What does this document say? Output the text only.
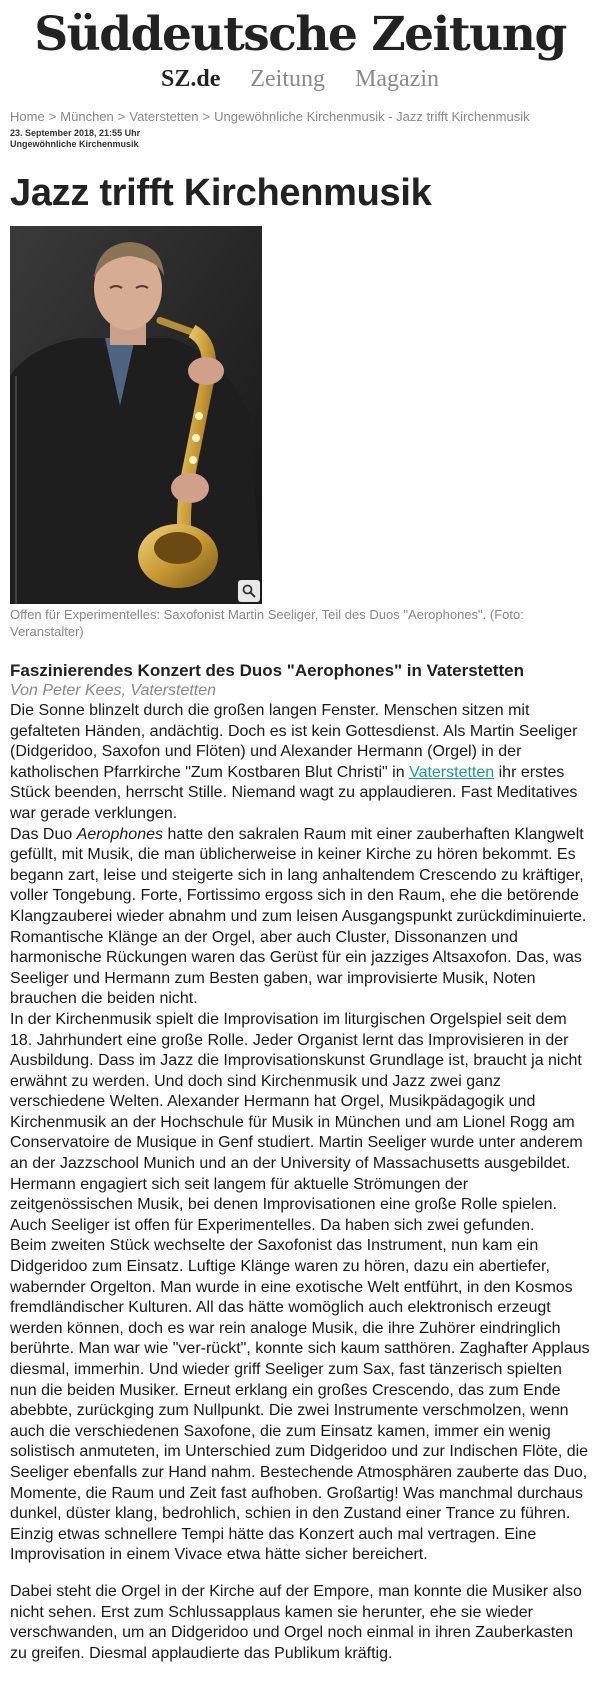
Süddeutsche Zeitung
SZ.de Zeitung Magazin
Home > München > Vaterstetten > Ungewöhnliche Kirchenmusik - Jazz trifft Kirchenmusik
23. September 2018, 21:55 Uhr
Ungewöhnliche Kirchenmusik
Jazz trifft Kirchenmusik
Offen für Experimentelles: Saxofonist Martin Seeliger, Teil des Duos "Aerophones". (Foto: Veranstalter)
Faszinierendes Konzert des Duos "Aerophones" in Vaterstetten
Von Peter Kees, Vaterstetten

Die Sonne blinzelt durch die großen langen Fenster. Menschen sitzen mit gefalteten Händen, andächtig. Doch es ist kein Gottesdienst. Als Martin Seeliger (Didgeridoo, Saxofon und Flöten) und Alexander Hermann (Orgel) in der katholischen Pfarrkirche "Zum Kostbaren Blut Christi" in Vaterstetten ihr erstes Stück beenden, herrscht Stille. Niemand wagt zu applaudieren. Fast Meditatives war gerade verklungen.

Das Duo Aerophones hatte den sakralen Raum mit einer zauberhaften Klangwelt gefüllt, mit Musik, die man üblicherweise in keiner Kirche zu hören bekommt. Es begann zart, leise und steigerte sich in lang anhaltendem Crescendo zu kräftiger, voller Tongebung. Forte, Fortissimo ergoss sich in den Raum, ehe die betörende Klangzauberei wieder abnahm und zum leisen Ausgangspunkt zurückdiminuierte. Romantische Klänge an der Orgel, aber auch Cluster, Dissonanzen und harmonische Rückungen waren das Gerüst für ein jazziges Altsaxofon. Das, was Seeliger und Hermann zum Besten gaben, war improvisierte Musik, Noten brauchen die beiden nicht.

In der Kirchenmusik spielt die Improvisation im liturgischen Orgelspiel seit dem 18. Jahrhundert eine große Rolle. Jeder Organist lernt das Improvisieren in der Ausbildung. Dass im Jazz die Improvisationskunst Grundlage ist, braucht ja nicht erwähnt zu werden. Und doch sind Kirchenmusik und Jazz zwei ganz verschiedene Welten. Alexander Hermann hat Orgel, Musikpädagogik und Kirchenmusik an der Hochschule für Musik in München und am Lionel Rogg am Conservatoire de Musique in Genf studiert. Martin Seeliger wurde unter anderem an der Jazzschool Munich und an der University of Massachusetts ausgebildet. Hermann engagiert sich seit langem für aktuelle Strömungen der zeitgenössischen Musik, bei denen Improvisationen eine große Rolle spielen. Auch Seeliger ist offen für Experimentelles. Da haben sich zwei gefunden.

Beim zweiten Stück wechselte der Saxofonist das Instrument, nun kam ein Didgeridoo zum Einsatz. Luftige Klänge waren zu hören, dazu ein abertiefer, wabernder Orgelton. Man wurde in eine exotische Welt entführt, in den Kosmos fremdländischer Kulturen. All das hätte womöglich auch elektronisch erzeugt werden können, doch es war rein analoge Musik, die ihre Zuhörer eindringlich berührte. Man war wie "ver-rückt", konnte sich kaum satthören. Zaghafter Applaus diesmal, immerhin. Und wieder griff Seeliger zum Sax, fast tänzerisch spielten nun die beiden Musiker. Erneut erklang ein großes Crescendo, das zum Ende abebbte, zurückging zum Nullpunkt. Die zwei Instrumente verschmolzen, wenn auch die verschiedenen Saxofone, die zum Einsatz kamen, immer ein wenig solistisch anmuteten, im Unterschied zum Didgeridoo und zur Indischen Flöte, die Seeliger ebenfalls zur Hand nahm. Bestechende Atmosphären zauberte das Duo, Momente, die Raum und Zeit fast aufhoben. Großartig! Was manchmal durchaus dunkel, düster klang, bedrohlich, schien in den Zustand einer Trance zu führen. Einzig etwas schnellere Tempi hätte das Konzert auch mal vertragen. Eine Improvisation in einem Vivace etwa hätte sicher bereichert.

Dabei steht die Orgel in der Kirche auf der Empore, man konnte die Musiker also nicht sehen. Erst zum Schlussapplaus kamen sie herunter, ehe sie wieder verschwanden, um an Didgeridoo und Orgel noch einmal in ihren Zauberkasten zu greifen. Diesmal applaudierte das Publikum kräftig.
